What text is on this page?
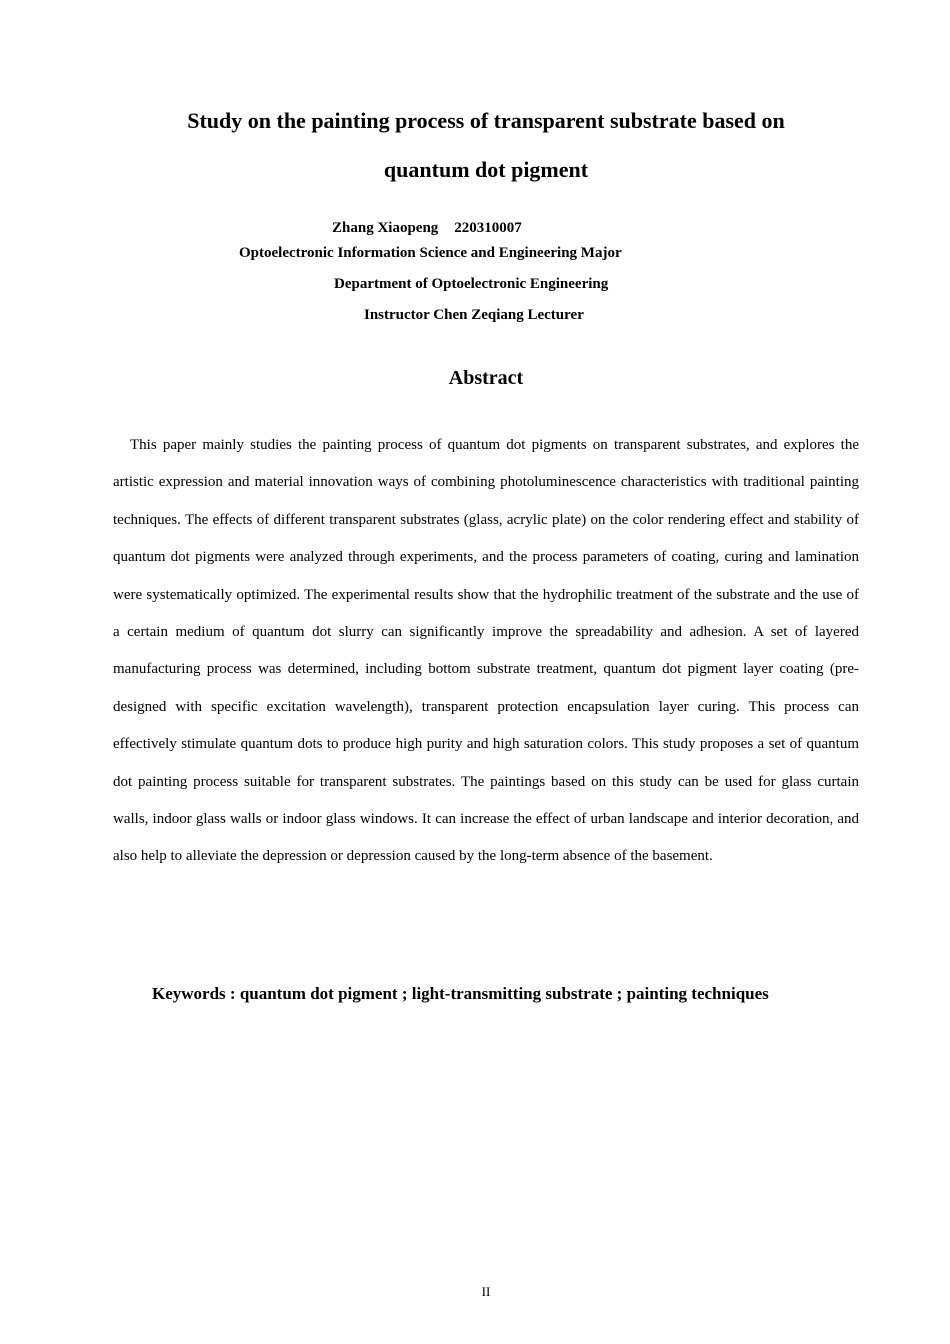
Study on the painting process of transparent substrate based on
quantum dot pigment
Zhang Xiaopeng 220310007
Optoelectronic Information Science and Engineering Major
Department of Optoelectronic Engineering
Instructor Chen Zeqiang Lecturer
Abstract

This paper mainly studies the painting process of quantum dot pigments on transparent substrates, and explores the artistic expression and material innovation ways of combining photoluminescence characteristics with traditional painting techniques. The effects of different transparent substrates (glass, acrylic plate) on the color rendering effect and stability of quantum dot pigments were analyzed through experiments, and the process parameters of coating, curing and lamination were systematically optimized. The experimental results show that the hydrophilic treatment of the substrate and the use of a certain medium of quantum dot slurry can significantly improve the spreadability and adhesion. A set of layered manufacturing process was determined, including bottom substrate treatment, quantum dot pigment layer coating (pre-designed with specific excitation wavelength), transparent protection encapsulation layer curing. This process can effectively stimulate quantum dots to produce high purity and high saturation colors. This study proposes a set of quantum dot painting process suitable for transparent substrates. The paintings based on this study can be used for glass curtain walls, indoor glass walls or indoor glass windows. It can increase the effect of urban landscape and interior decoration, and also help to alleviate the depression or depression caused by the long-term absence of the basement.

Keywords : quantum dot pigment ; light-transmitting substrate ; painting techniques
II
